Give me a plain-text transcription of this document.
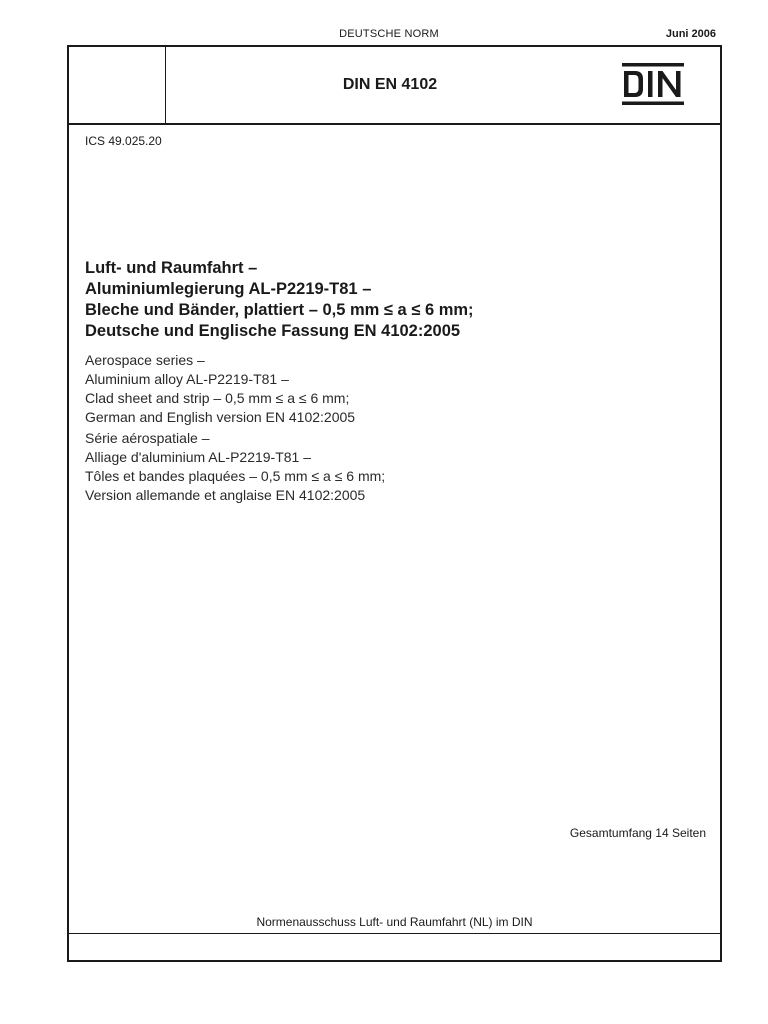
DEUTSCHE NORM	Juni 2006
DIN EN 4102
ICS 49.025.20
Luft- und Raumfahrt –
Aluminiumlegierung AL-P2219-T81 –
Bleche und Bänder, plattiert – 0,5 mm ≤ a ≤ 6 mm;
Deutsche und Englische Fassung EN 4102:2005
Aerospace series –
Aluminium alloy AL-P2219-T81 –
Clad sheet and strip – 0,5 mm ≤ a ≤ 6 mm;
German and English version EN 4102:2005
Série aérospatiale –
Alliage d'aluminium AL-P2219-T81 –
Tôles et bandes plaquées – 0,5 mm ≤ a ≤ 6 mm;
Version allemande et anglaise EN 4102:2005
Gesamtumfang 14 Seiten
Normenausschuss Luft- und Raumfahrt (NL) im DIN
